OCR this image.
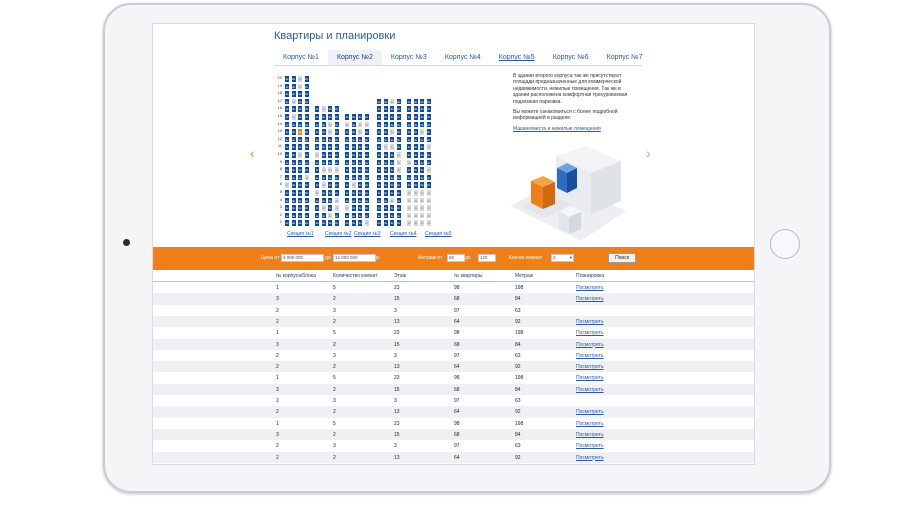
Квартиры и планировки
Корпус №1	Корпус №2	Корпус №3	Корпус №4	Корпус №5	Корпус №6	Корпус №7
‹	›
20
19
18
17
16
15
14
13
12
11
10
9
8
7
6
5
4
3
2
1
1к	4к	3к	2к
1к	4к	3к	2к
1к	4к	3к	2к
1к	4к	3к	2к
1к	4к	3к	2к
1к	4к	3к	2к
1к	4к	3к	2к
1к	4к	3к	2к
1к	4к	3к	2к
1к	4к	3к	2к
1к	4к	3к	2к
1к	4к	3к	2к
1к	4к	3к	2к
1к	4к	3к	2к
1к	4к	3к	2к
1к	4к	3к	2к
1к	4к	3к	2к
1к	4к	3к	2к
1к	4к	3к	2к
1к	4к	3к	2к
1к	4к	3к	2к
1к	4к	3к	2к
1к	4к	3к	2к
1к	4к	3к	2к
1к	4к	3к	2к
1к	4к	3к	2к
1к	4к	3к	2к
1к	4к	3к	2к
1к	4к	3к	2к
1к	4к	3к	2к
1к	4к	3к	2к
1к	4к	3к	2к
1к	4к	3к	2к
1к	4к	3к	2к
1к	4к	3к	2к
1к	4к	3к	2к
1к	4к	3к	2к
1к	4к	3к	2к
1к	4к	3к	2к
1к	4к	3к	2к
1к	4к	3к	2к
1к	4к	3к	2к
1к	4к	3к	2к
1к	4к	3к	2к
1к	4к	3к	2к
1к	4к	3к	2к
1к	4к	3к	2к
1к	4к	3к	2к
1к	4к	3к	2к
1к	4к	3к	2к
1к	4к	3к	2к
1к	4к	3к	2к
1к	4к	3к	2к
1к	4к	3к	2к
1к	4к	3к	2к
1к	4к	3к	2к
1к	4к	3к	2к
1к	4к	3к	2к
1к	4к	3к	2к
1к	4к	3к	2к
1к	4к	3к	2к
1к	4к	3к	2к
1к	4к	3к	2к
1к	4к	3к	2к
1к	4к	3к	2к
1к	4к	3к	2к
1к	4к	3к	2к
1к	4к	3к	2к
1к	4к	3к	2к
1к	4к	3к	2к
1к	4к	3к	2к
1к	4к	3к	2к
1к	4к	3к	2к
1к	4к	3к	2к
1к	4к	3к	2к
1к	4к	3к	2к
1к	4к	3к	2к
1к	4к	3к	2к
1к	4к	3к	2к
1к	4к	3к	2к
1к	4к	3к	2к
1к	4к	3к	2к
1к	4к	3к	2к
1к	4к	3к	2к
1к	4к	3к	2к
Секция №1 Секция №2 Секция №3 Секция №4 Секция №5

В здании второго корпуса так же присутствуют площади предназначенные для коммерческой недвижимости, нежилые помещения. Так же в здании расположена комфортная трехуровневая подземная парковка.

Вы можете ознакомиться с более подробной информацией в разделе:

Машиноместа и нежилые помещения
Цена от 3 000 000	до 12 000 000	р.	Метраж от	60	до	120	Кол-во комнат	3	▾	Поиск
№ корпуса/блока	Количество комнат	Этаж	№ квартиры	Метраж	Планировка
1	5	23	98	198	Посмотреть
3	2	15	68	84	Посмотреть
2	3	3	97	63
2	2	13	64	92	Посмотреть
1	5	23	98	198	Посмотреть
3	2	15	68	84	Посмотреть
2	3	3	97	63	Посмотреть
2	2	13	64	92	Посмотреть
1	5	23	98	198	Посмотреть
3	2	15	68	84	Посмотреть
2	3	3	97	63
2	2	13	64	92	Посмотреть
1	5	23	98	198	Посмотреть
3	2	15	68	84	Посмотреть
2	3	3	97	63	Посмотреть
2	2	13	64	92	Посмотреть
